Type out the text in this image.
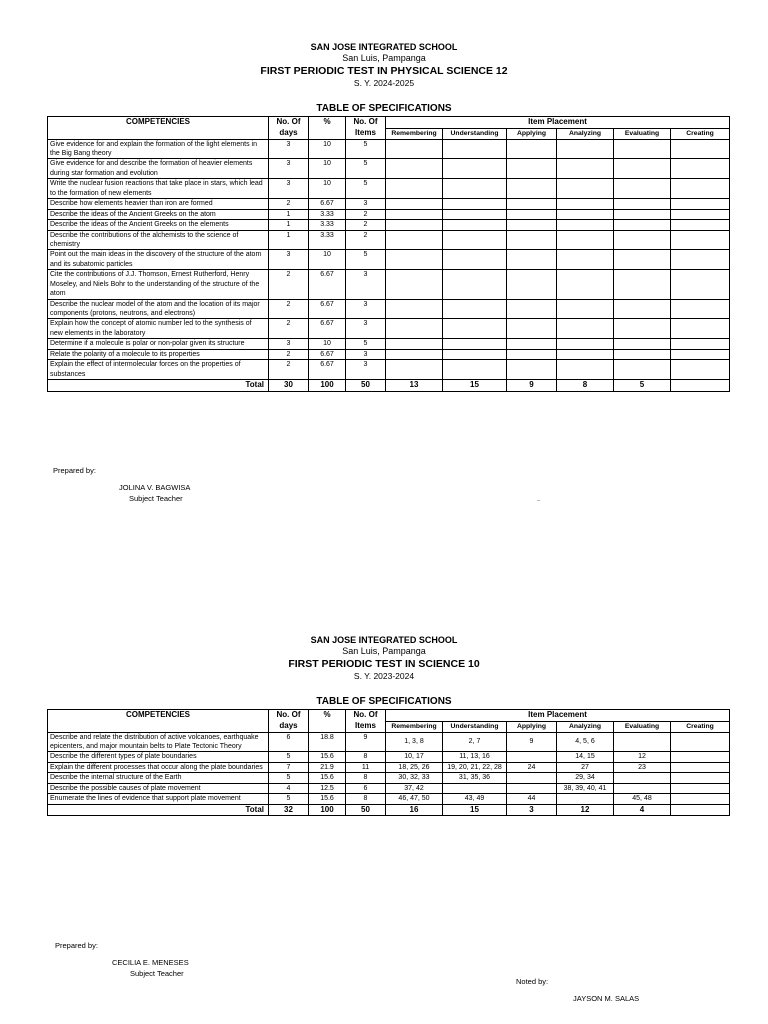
SAN JOSE INTEGRATED SCHOOL
San Luis, Pampanga
FIRST PERIODIC TEST IN PHYSICAL SCIENCE 12
S. Y. 2024-2025
TABLE OF SPECIFICATIONS
COMPETENCIES	No. Of days	%	No. Of Items	Item Placement					
				Remembering	Understanding	Applying	Analyzing	Evaluating	Creating
Give evidence for and explain the formation of the light elements in the Big Bang theory	3	10	5						
Give evidence for and describe the formation of heavier elements during star formation and evolution	3	10	5						
Write the nuclear fusion reactions that take place in stars, which lead to the formation of new elements	3	10	5						
Describe how elements heavier than iron are formed	2	6.67	3						
Describe the ideas of the Ancient Greeks on the atom	1	3.33	2						
Describe the ideas of the Ancient Greeks on the elements	1	3.33	2						
Describe the contributions of the alchemists to the science of chemistry	1	3.33	2						
Point out the main ideas in the discovery of the structure of the atom and its subatomic particles	3	10	5						
Cite the contributions of J.J. Thomson, Ernest Rutherford, Henry Moseley, and Niels Bohr to the understanding of the structure of the atom	2	6.67	3						
Describe the nuclear model of the atom and the location of its major components (protons, neutrons, and electrons)	2	6.67	3						
Explain how the concept of atomic number led to the synthesis of new elements in the laboratory	2	6.67	3						
Determine if a molecule is polar or non-polar given its structure	3	10	5						
Relate the polarity of a molecule to its properties	2	6.67	3						
Explain the effect of intermolecular forces on the properties of substances	2	6.67	3						
Total	30	100	50	13	15	9	8	5	
Prepared by:
JOLINA V. BAGWISA
Subject Teacher
SAN JOSE INTEGRATED SCHOOL
San Luis, Pampanga
FIRST PERIODIC TEST IN SCIENCE 10
S. Y. 2023-2024
TABLE OF SPECIFICATIONS
COMPETENCIES	No. Of days	%	No. Of Items	Item Placement					
				Remembering	Understanding	Applying	Analyzing	Evaluating	Creating
Describe and relate the distribution of active volcanoes, earthquake epicenters, and major mountain belts to Plate Tectonic Theory	6	18.8	9	1, 3, 8	2, 7	9	4, 5, 6		
Describe the different types of plate boundaries	5	15.6	8	10, 17	11, 13, 16		14, 15	12	
Explain the different processes that occur along the plate boundaries	7	21.9	11	18, 25, 26	19, 20, 21, 22, 28	24	27	23	
Describe the internal structure of the Earth	5	15.6	8	30, 32, 33	31, 35, 36		29, 34		
Describe the possible causes of plate movement	4	12.5	6	37, 42			38, 39, 40, 41		
Enumerate the lines of evidence that support plate movement	5	15.6	8	46, 47, 50	43, 49	44		45, 48	
Total	32	100	50	16	15	3	12	4	
Prepared by:
CECILIA E. MENESES
Subject Teacher
Noted by:
JAYSON M. SALAS
